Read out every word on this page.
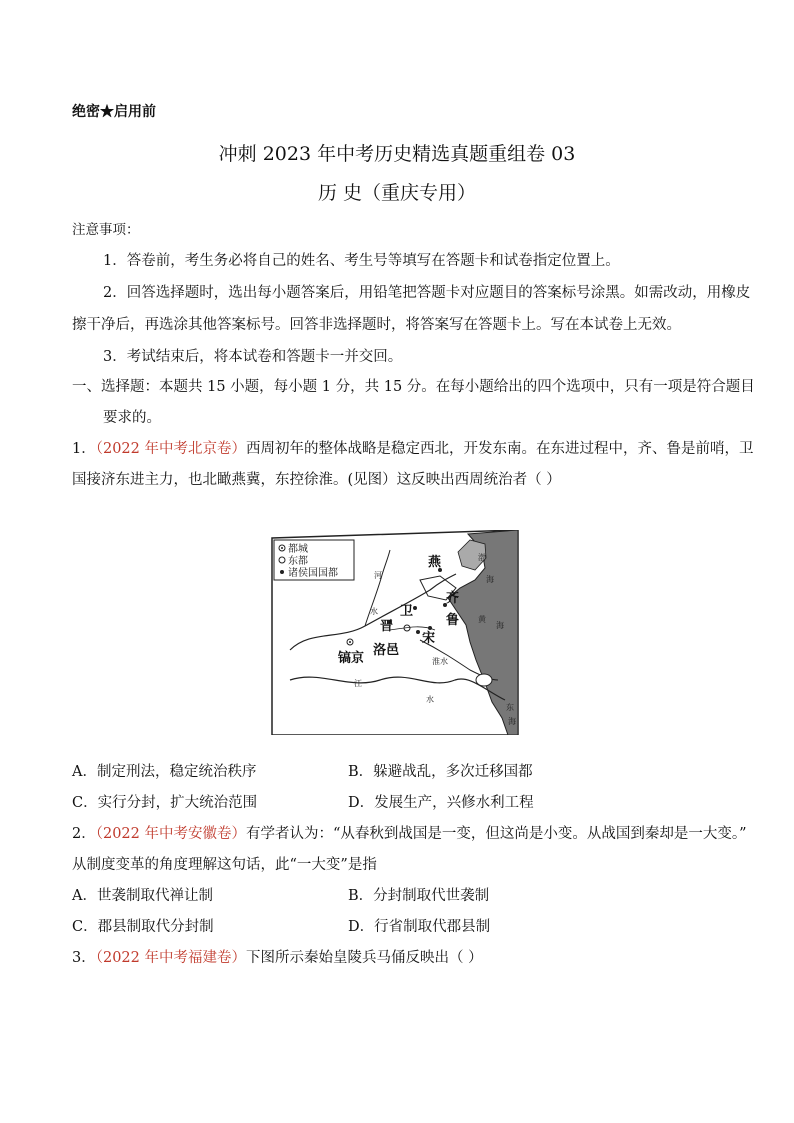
绝密★启用前
冲刺 2023 年中考历史精选真题重组卷 03
历 史（重庆专用）
注意事项：
1．答卷前，考生务必将自己的姓名、考生号等填写在答题卡和试卷指定位置上。
2．回答选择题时，选出每小题答案后，用铅笔把答题卡对应题目的答案标号涂黑。如需改动，用橡皮
擦干净后，再选涂其他答案标号。回答非选择题时，将答案写在答题卡上。写在本试卷上无效。
3．考试结束后，将本试卷和答题卡一并交回。
一、选择题：本题共 15 小题，每小题 1 分，共 15 分。在每小题给出的四个选项中，只有一项是符合题目
要求的。
1．（2022 年中考北京卷）西周初年的整体战略是稳定西北，开发东南。在东进过程中，齐、鲁是前哨，卫
国接济东进主力，也北瞰燕冀，东控徐淮。(见图）这反映出西周统治者（ ）
都城
东都
诸侯国国都
燕
齐
卫
晋	鲁
宋
洛邑
镐京
渤
海
黄
海
河
水
淮水
江
水
东
海
A．制定刑法，稳定统治秩序	B．躲避战乱，多次迁移国都
C．实行分封，扩大统治范围	D．发展生产，兴修水利工程
2．（2022 年中考安徽卷）有学者认为：“从春秋到战国是一变，但这尚是小变。从战国到秦却是一大变。”
从制度变革的角度理解这句话，此“一大变”是指
A．世袭制取代禅让制	B．分封制取代世袭制
C．郡县制取代分封制	D．行省制取代郡县制
3．（2022 年中考福建卷）下图所示秦始皇陵兵马俑反映出（ ）
